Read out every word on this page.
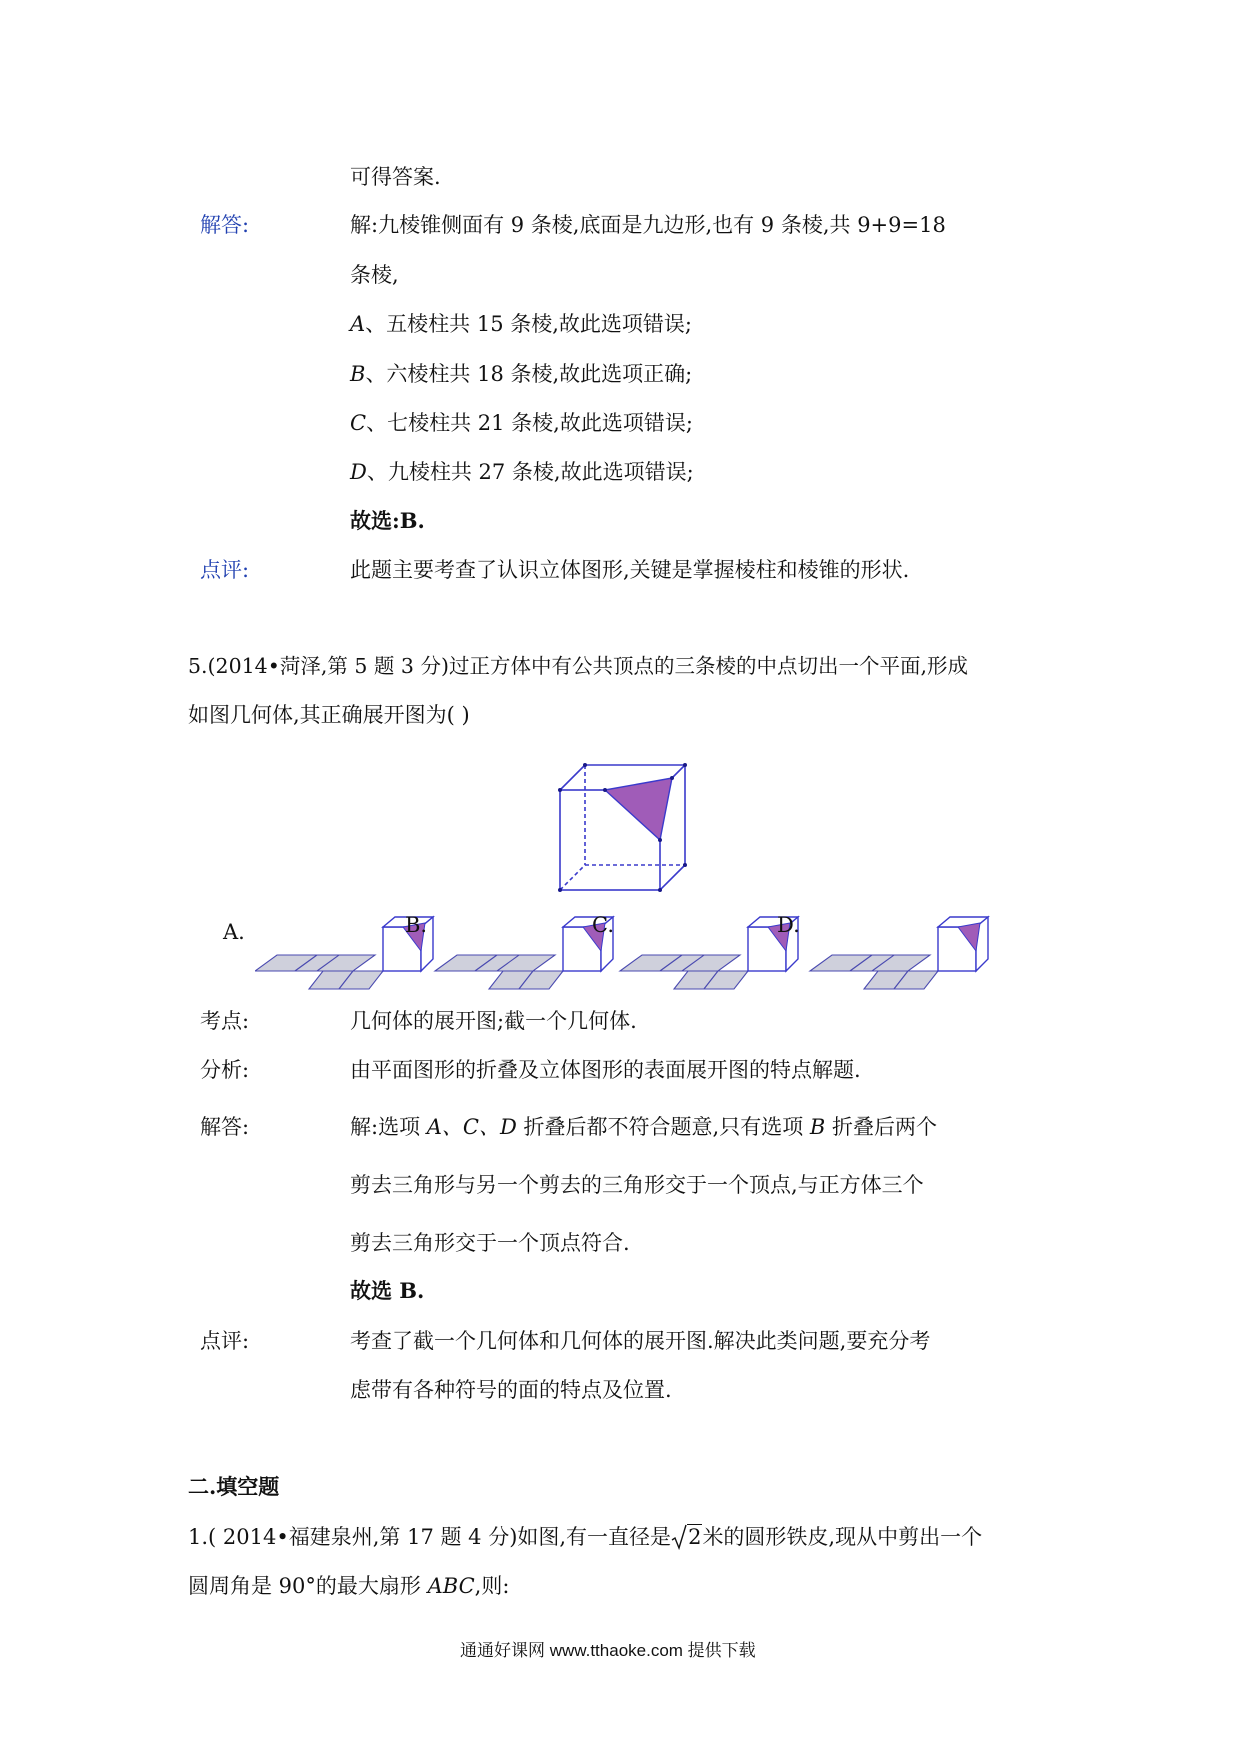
可得答案.
解答:	解:九棱锥侧面有 9 条棱,底面是九边形,也有 9 条棱,共 9+9=18
条棱,
A、五棱柱共 15 条棱,故此选项错误;
B、六棱柱共 18 条棱,故此选项正确;
C、七棱柱共 21 条棱,故此选项错误;
D、九棱柱共 27 条棱,故此选项错误;
故选:B.
点评:	此题主要考查了认识立体图形,关键是掌握棱柱和棱锥的形状.
5.(2014•菏泽,第 5 题 3 分)过正方体中有公共顶点的三条棱的中点切出一个平面,形成
如图几何体,其正确展开图为( )
A.	B.	C.	D.
考点:	几何体的展开图;截一个几何体.
分析:	由平面图形的折叠及立体图形的表面展开图的特点解题.
解答:	解:选项 A、C、D 折叠后都不符合题意,只有选项 B 折叠后两个
剪去三角形与另一个剪去的三角形交于一个顶点,与正方体三个
剪去三角形交于一个顶点符合.
故选 B.
点评:	考查了截一个几何体和几何体的展开图.解决此类问题,要充分考
虑带有各种符号的面的特点及位置.
二.填空题
1.( 2014•福建泉州,第 17 题 4 分)如图,有一直径是 2米的圆形铁皮,现从中剪出一个
圆周角是 90°的最大扇形 ABC,则:
通通好课网 www.tthaoke.com 提供下载
